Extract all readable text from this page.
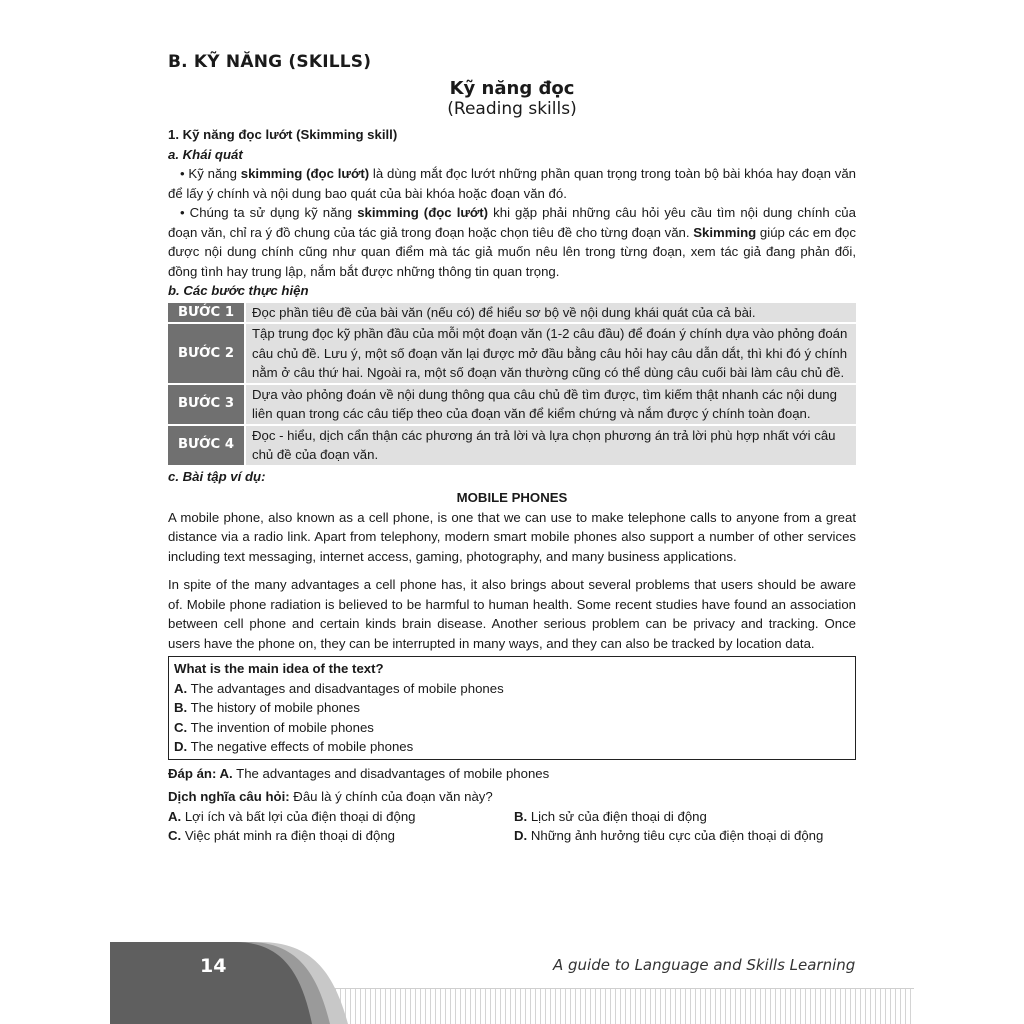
B. KỸ NĂNG (SKILLS)
Kỹ năng đọc
(Reading skills)

1. Kỹ năng đọc lướt (Skimming skill)

a. Khái quát

• Kỹ năng skimming (đọc lướt) là dùng mắt đọc lướt những phần quan trọng trong toàn bộ bài khóa hay đoạn văn để lấy ý chính và nội dung bao quát của bài khóa hoặc đoạn văn đó.

• Chúng ta sử dụng kỹ năng skimming (đọc lướt) khi gặp phải những câu hỏi yêu cầu tìm nội dung chính của đoạn văn, chỉ ra ý đồ chung của tác giả trong đoạn hoặc chọn tiêu đề cho từng đoạn văn. Skimming giúp các em đọc được nội dung chính cũng như quan điểm mà tác giả muốn nêu lên trong từng đoạn, xem tác giả đang phản đối, đồng tình hay trung lập, nắm bắt được những thông tin quan trọng.

b. Các bước thực hiện

BƯỚC 1	Đọc phần tiêu đề của bài văn (nếu có) để hiểu sơ bộ về nội dung khái quát của cả bài.
BƯỚC 2	Tập trung đọc kỹ phần đầu của mỗi một đoạn văn (1-2 câu đầu) để đoán ý chính dựa vào phỏng đoán câu chủ đề. Lưu ý, một số đoạn văn lại được mở đầu bằng câu hỏi hay câu dẫn dắt, thì khi đó ý chính nằm ở câu thứ hai. Ngoài ra, một số đoạn văn thường cũng có thể dùng câu cuối bài làm câu chủ đề.
BƯỚC 3	Dựa vào phỏng đoán về nội dung thông qua câu chủ đề tìm được, tìm kiếm thật nhanh các nội dung liên quan trong các câu tiếp theo của đoạn văn để kiểm chứng và nắm được ý chính toàn đoạn.
BƯỚC 4	Đọc - hiểu, dịch cẩn thận các phương án trả lời và lựa chọn phương án trả lời phù hợp nhất với câu chủ đề của đoạn văn.

c. Bài tập ví dụ:

MOBILE PHONES

A mobile phone, also known as a cell phone, is one that we can use to make telephone calls to anyone from a great distance via a radio link. Apart from telephony, modern smart mobile phones also support a number of other services including text messaging, internet access, gaming, photography, and many business applications.

In spite of the many advantages a cell phone has, it also brings about several problems that users should be aware of. Mobile phone radiation is believed to be harmful to human health. Some recent studies have found an association between cell phone and certain kinds brain disease. Another serious problem can be privacy and tracking. Once users have the phone on, they can be interrupted in many ways, and they can also be tracked by location data.

What is the main idea of the text?

A. The advantages and disadvantages of mobile phones

B. The history of mobile phones

C. The invention of mobile phones

D. The negative effects of mobile phones

Đáp án: A. The advantages and disadvantages of mobile phones

Dịch nghĩa câu hỏi: Đâu là ý chính của đoạn văn này?

A. Lợi ích và bất lợi của điện thoại di động	B. Lịch sử của điện thoại di động

C. Việc phát minh ra điện thoại di động	D. Những ảnh hưởng tiêu cực của điện thoại di động

14	A guide to Language and Skills Learning
